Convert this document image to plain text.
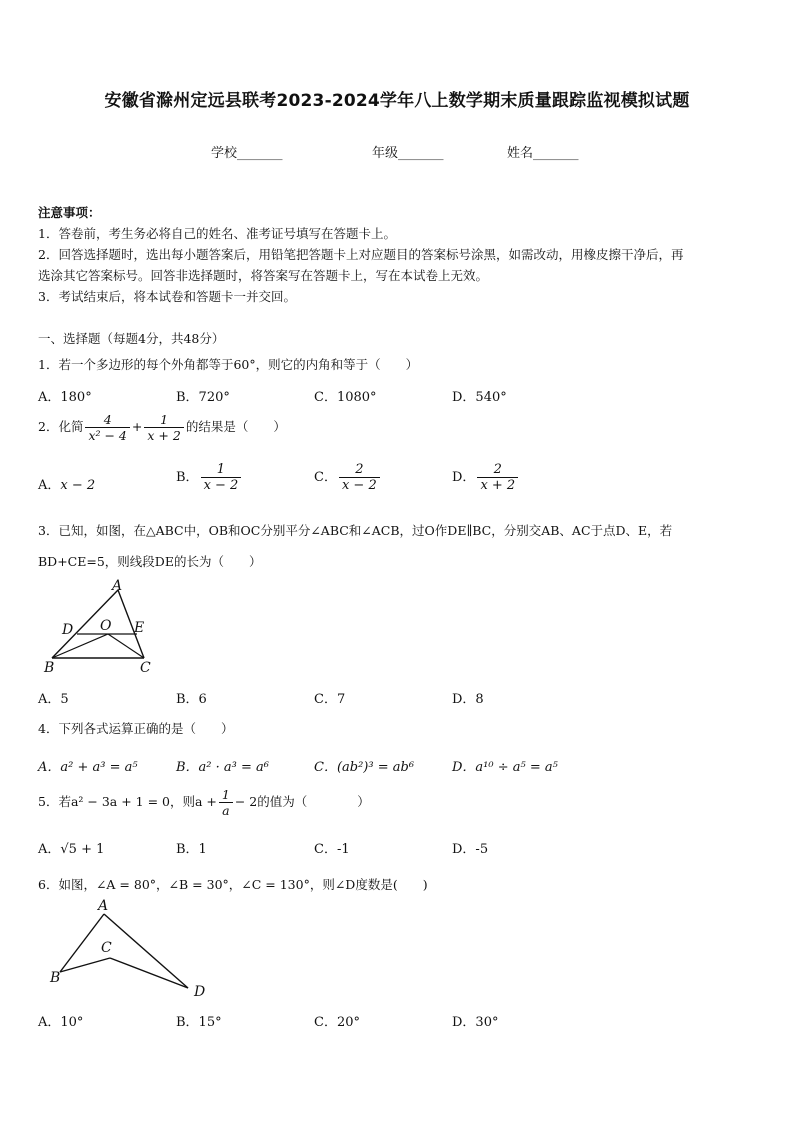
安徽省滁州定远县联考2023-2024学年八上数学期末质量跟踪监视模拟试题
学校_______	年级_______	姓名_______
注意事项：
1．答卷前，考生务必将自己的姓名、准考证号填写在答题卡上。
2．回答选择题时，选出每小题答案后，用铅笔把答题卡上对应题目的答案标号涂黑，如需改动，用橡皮擦干净后，再
选涂其它答案标号。回答非选择题时，将答案写在答题卡上，写在本试卷上无效。
3．考试结束后，将本试卷和答题卡一并交回。
一、选择题（每题4分，共48分）
1．若一个多边形的每个外角都等于60°，则它的内角和等于（　　）
A．180°	B．720°	C．1080°	D．540°
2．化简 $\frac{4}{\text{x² − 4}} + \frac{1}{x + 2}$ 的结果是（　　）
A．x − 2
B． $\frac{1}{x - 2}$	C． $\frac{2}{x - 2}$	D． $\frac{2}{x + 2}$
3．已知，如图，在△ABC中，OB和OC分别平分∠ABC和∠ACB，过O作DE∥BC，分别交AB、AC于点D、E，若
BD+CE=5，则线段DE的长为（　　）
A
D O E
B	C
A．5	B．6	C．7	D．8
4．下列各式运算正确的是（　　）
A．a² + a³ = a⁵	B．a² · a³ = a⁶	C．(ab²)³ = ab⁶	D．a¹⁰ ÷ a⁵ = a⁵
5．若a² − 3a + 1 = 0，则$a + \frac{1}{a} - 2$的值为（　　　　）
A．√5 + 1	B．1	C．-1	D．-5
6．如图，∠A = 80°，∠B = 30°，∠C = 130°，则∠D度数是(　　)
A
C
B
D
A．10°	B．15°	C．20°	D．30°
